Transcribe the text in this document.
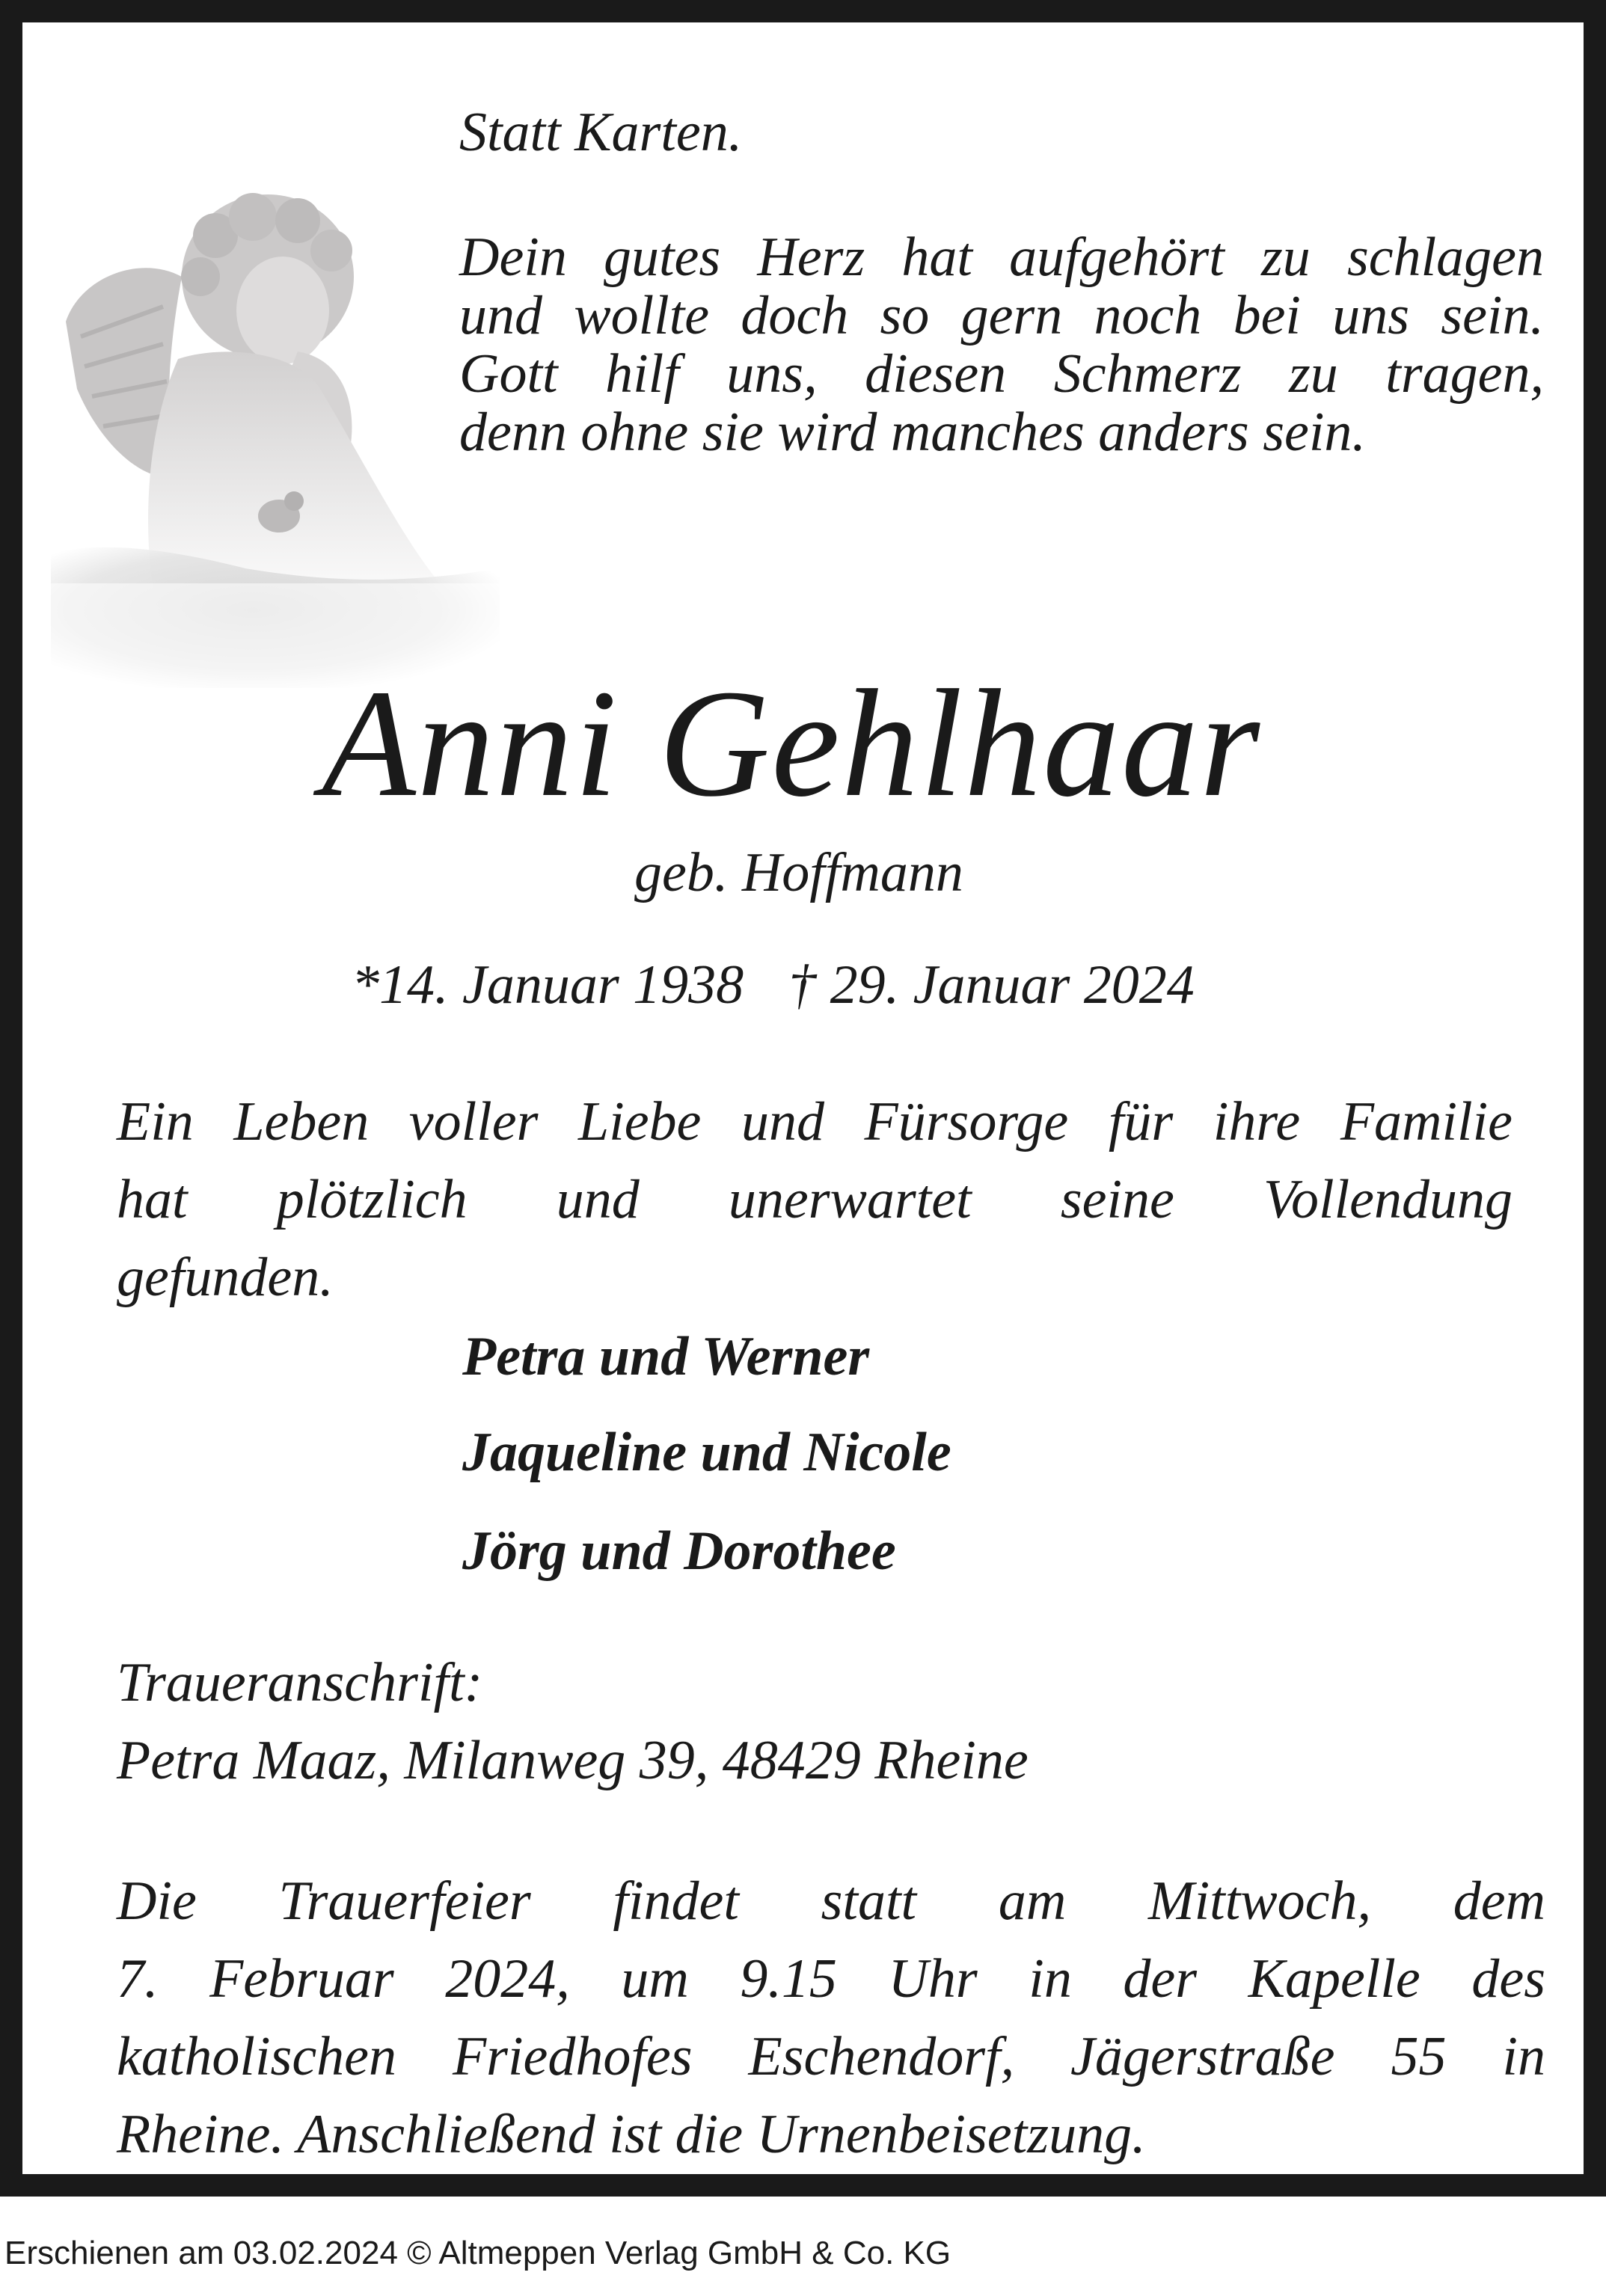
Statt Karten.

Dein gutes Herz hat aufgehört zu schlagen
und wollte doch so gern noch bei uns sein.
Gott hilf uns, diesen Schmerz zu tragen,
denn ohne sie wird manches anders sein.

Anni Gehlhaar

geb. Hoffmann

*14. Januar 1938 † 29. Januar 2024

Ein Leben voller Liebe und Fürsorge für ihre Familie
hat plötzlich und unerwartet seine Vollendung
gefunden.

Petra und Werner

Jaqueline und Nicole

Jörg und Dorothee

Traueranschrift:

Petra Maaz, Milanweg 39, 48429 Rheine

Die Trauerfeier findet statt am Mittwoch, dem
7. Februar 2024, um 9.15 Uhr in der Kapelle des
katholischen Friedhofes Eschendorf, Jägerstraße 55 in
Rheine. Anschließend ist die Urnenbeisetzung.

Erschienen am 03.02.2024 © Altmeppen Verlag GmbH & Co. KG
